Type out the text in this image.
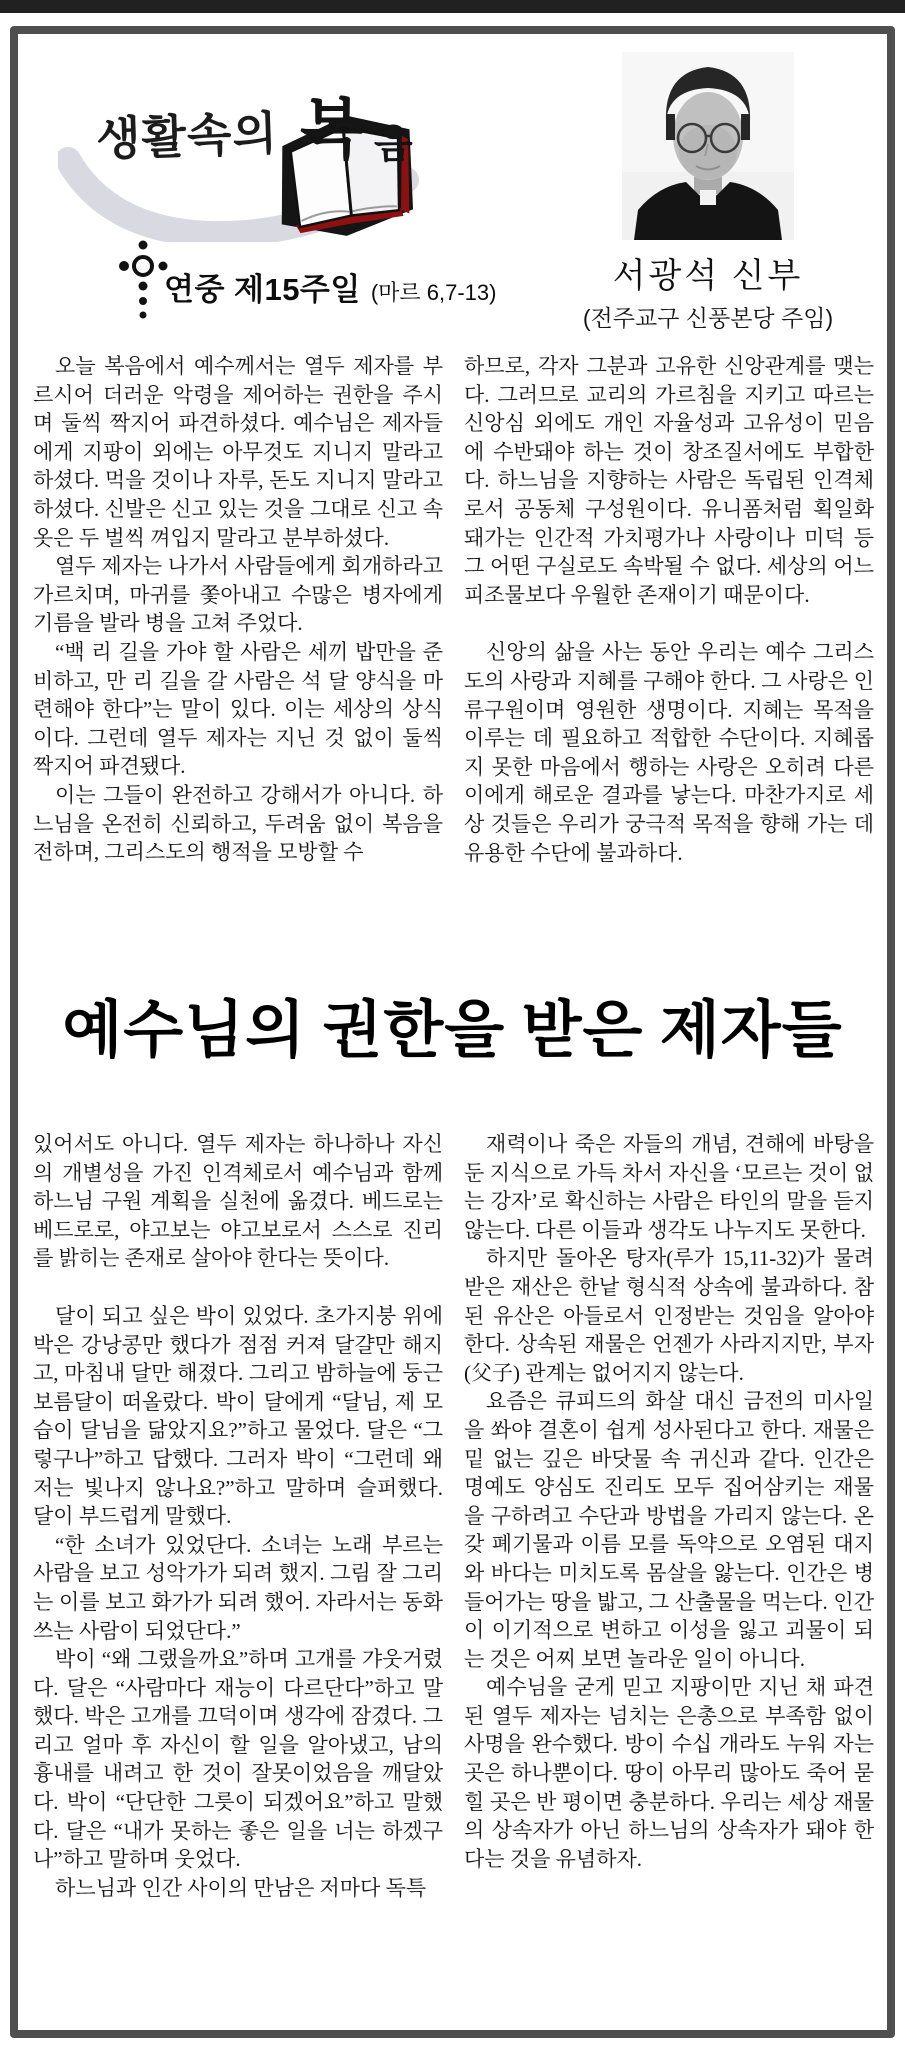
생활속의 복 음
연중 제15주일 (마르 6,7-13)	서광석 신부
(전주교구 신풍본당 주임)

오늘 복음에서 예수께서는 열두 제자를 부르시어 더러운 악령을 제어하는 권한을 주시며 둘씩 짝지어 파견하셨다. 예수님은 제자들에게 지팡이 외에는 아무것도 지니지 말라고 하셨다. 먹을 것이나 자루, 돈도 지니지 말라고 하셨다. 신발은 신고 있는 것을 그대로 신고 속옷은 두 벌씩 껴입지 말라고 분부하셨다.

열두 제자는 나가서 사람들에게 회개하라고 가르치며, 마귀를 쫓아내고 수많은 병자에게 기름을 발라 병을 고쳐 주었다.

“백 리 길을 가야 할 사람은 세끼 밥만을 준비하고, 만 리 길을 갈 사람은 석 달 양식을 마련해야 한다”는 말이 있다. 이는 세상의 상식이다. 그런데 열두 제자는 지닌 것 없이 둘씩 짝지어 파견됐다.

이는 그들이 완전하고 강해서가 아니다. 하느님을 온전히 신뢰하고, 두려움 없이 복음을 전하며, 그리스도의 행적을 모방할 수

하므로, 각자 그분과 고유한 신앙관계를 맺는다. 그러므로 교리의 가르침을 지키고 따르는 신앙심 외에도 개인 자율성과 고유성이 믿음에 수반돼야 하는 것이 창조질서에도 부합한다. 하느님을 지향하는 사람은 독립된 인격체로서 공동체 구성원이다. 유니폼처럼 획일화돼가는 인간적 가치평가나 사랑이나 미덕 등 그 어떤 구실로도 속박될 수 없다. 세상의 어느 피조물보다 우월한 존재이기 때문이다.

신앙의 삶을 사는 동안 우리는 예수 그리스도의 사랑과 지혜를 구해야 한다. 그 사랑은 인류구원이며 영원한 생명이다. 지혜는 목적을 이루는 데 필요하고 적합한 수단이다. 지혜롭지 못한 마음에서 행하는 사랑은 오히려 다른 이에게 해로운 결과를 낳는다. 마찬가지로 세상 것들은 우리가 궁극적 목적을 향해 가는 데 유용한 수단에 불과하다.

예수님의 권한을 받은 제자들

있어서도 아니다. 열두 제자는 하나하나 자신의 개별성을 가진 인격체로서 예수님과 함께 하느님 구원 계획을 실천에 옮겼다. 베드로는 베드로로, 야고보는 야고보로서 스스로 진리를 밝히는 존재로 살아야 한다는 뜻이다.

달이 되고 싶은 박이 있었다. 초가지붕 위에 박은 강낭콩만 했다가 점점 커져 달걀만 해지고, 마침내 달만 해졌다. 그리고 밤하늘에 둥근 보름달이 떠올랐다. 박이 달에게 “달님, 제 모습이 달님을 닮았지요?”하고 물었다. 달은 “그렇구나”하고 답했다. 그러자 박이 “그런데 왜 저는 빛나지 않나요?”하고 말하며 슬퍼했다. 달이 부드럽게 말했다.

“한 소녀가 있었단다. 소녀는 노래 부르는 사람을 보고 성악가가 되려 했지. 그림 잘 그리는 이를 보고 화가가 되려 했어. 자라서는 동화 쓰는 사람이 되었단다.”

박이 “왜 그랬을까요”하며 고개를 갸웃거렸다. 달은 “사람마다 재능이 다르단다”하고 말했다. 박은 고개를 끄덕이며 생각에 잠겼다. 그리고 얼마 후 자신이 할 일을 알아냈고, 남의 흉내를 내려고 한 것이 잘못이었음을 깨달았다. 박이 “단단한 그릇이 되겠어요”하고 말했다. 달은 “내가 못하는 좋은 일을 너는 하겠구나”하고 말하며 웃었다.

하느님과 인간 사이의 만남은 저마다 독특

재력이나 죽은 자들의 개념, 견해에 바탕을 둔 지식으로 가득 차서 자신을 ‘모르는 것이 없는 강자’로 확신하는 사람은 타인의 말을 듣지 않는다. 다른 이들과 생각도 나누지도 못한다.

하지만 돌아온 탕자(루가 15,11-32)가 물려받은 재산은 한낱 형식적 상속에 불과하다. 참된 유산은 아들로서 인정받는 것임을 알아야 한다. 상속된 재물은 언젠가 사라지지만, 부자(父子) 관계는 없어지지 않는다.

요즘은 큐피드의 화살 대신 금전의 미사일을 쏴야 결혼이 쉽게 성사된다고 한다. 재물은 밑 없는 깊은 바닷물 속 귀신과 같다. 인간은 명예도 양심도 진리도 모두 집어삼키는 재물을 구하려고 수단과 방법을 가리지 않는다. 온갖 폐기물과 이름 모를 독약으로 오염된 대지와 바다는 미치도록 몸살을 앓는다. 인간은 병들어가는 땅을 밟고, 그 산출물을 먹는다. 인간이 이기적으로 변하고 이성을 잃고 괴물이 되는 것은 어찌 보면 놀라운 일이 아니다.

예수님을 굳게 믿고 지팡이만 지닌 채 파견된 열두 제자는 넘치는 은총으로 부족함 없이 사명을 완수했다. 방이 수십 개라도 누워 자는 곳은 하나뿐이다. 땅이 아무리 많아도 죽어 묻힐 곳은 반 평이면 충분하다. 우리는 세상 재물의 상속자가 아닌 하느님의 상속자가 돼야 한다는 것을 유념하자.
